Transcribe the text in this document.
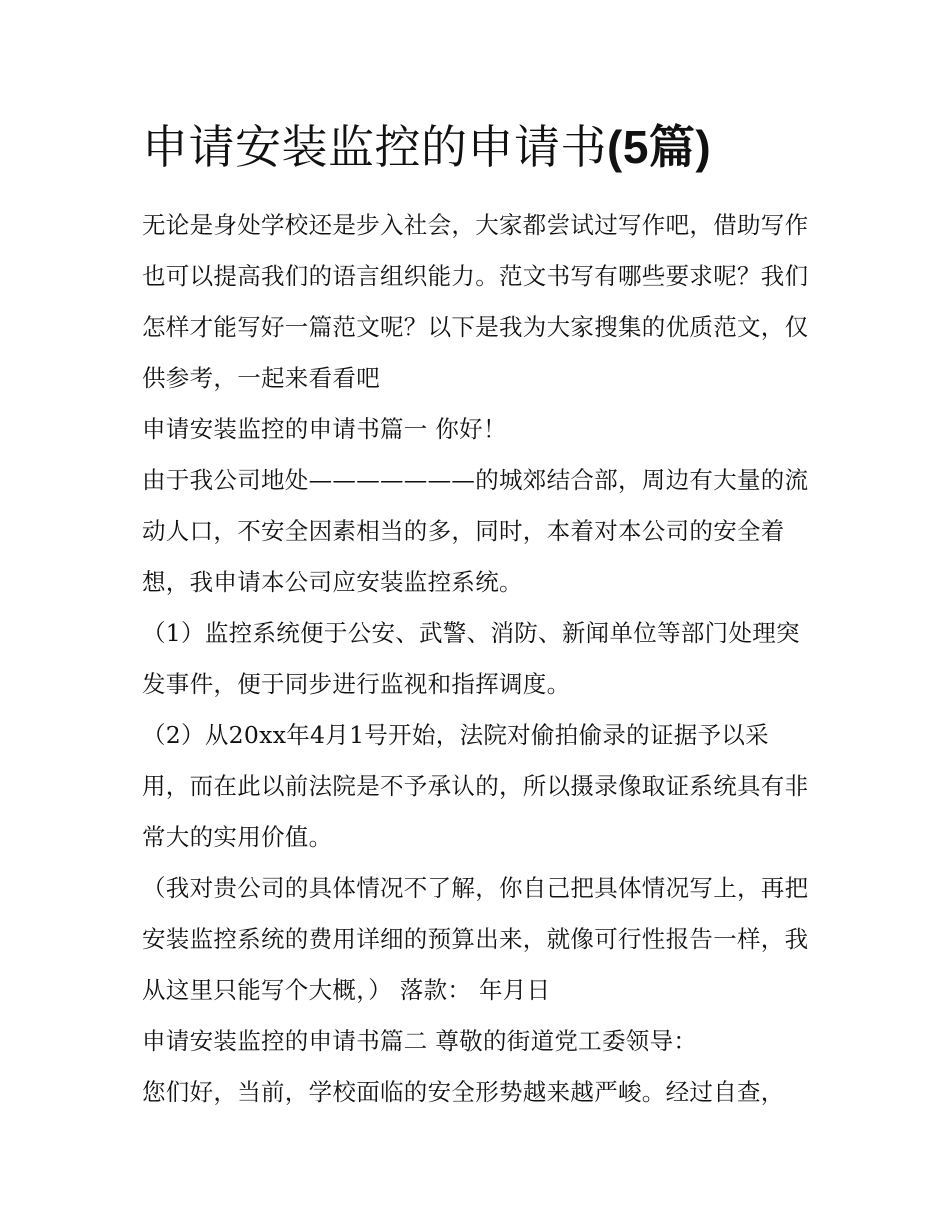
申请安装监控的申请书(5篇)

无论是身处学校还是步入社会，大家都尝试过写作吧，借助写作也可以提高我们的语言组织能力。范文书写有哪些要求呢？我们怎样才能写好一篇范文呢？以下是我为大家搜集的优质范文，仅供参考，一起来看看吧

申请安装监控的申请书篇一 你好！

由于我公司地处———————的城郊结合部，周边有大量的流动人口，不安全因素相当的多，同时，本着对本公司的安全着想，我申请本公司应安装监控系统。

（1）监控系统便于公安、武警、消防、新闻单位等部门处理突发事件，便于同步进行监视和指挥调度。

（2）从20xx年4月1号开始，法院对偷拍偷录的证据予以采用，而在此以前法院是不予承认的，所以摄录像取证系统具有非常大的实用价值。

（我对贵公司的具体情况不了解，你自己把具体情况写上，再把安装监控系统的费用详细的预算出来，就像可行性报告一样，我从这里只能写个大概，） 落款： 年月日

申请安装监控的申请书篇二 尊敬的街道党工委领导：

您们好，当前，学校面临的安全形势越来越严峻。经过自查，
